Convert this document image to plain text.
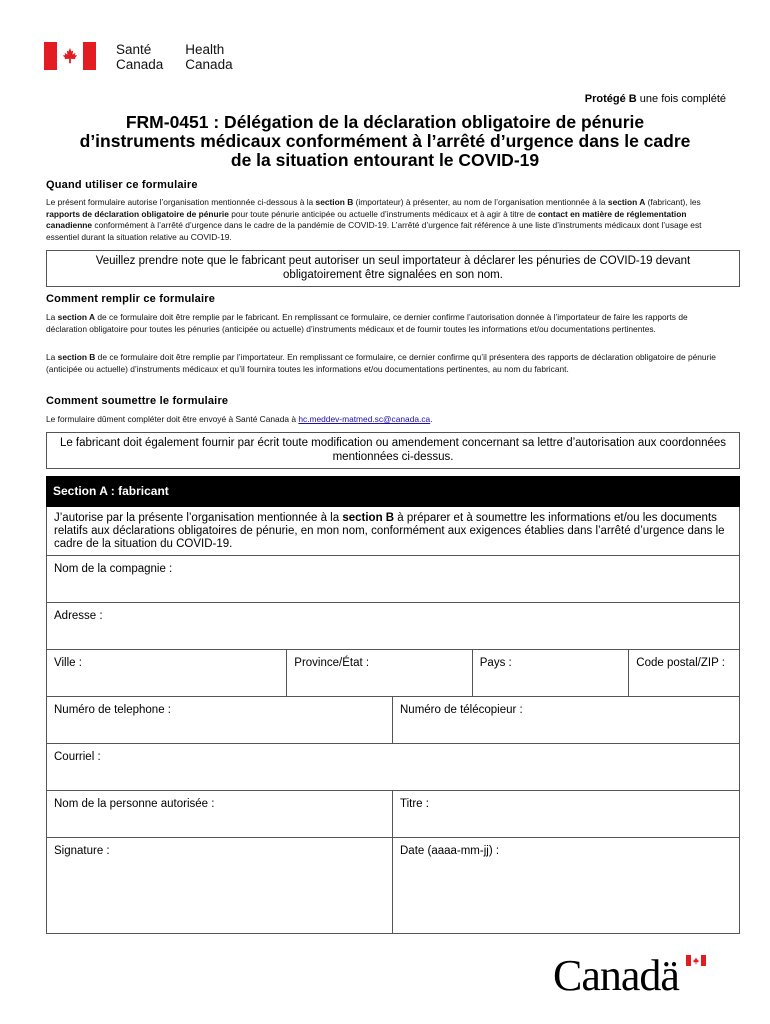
Santé
Canada
Health
Canada
Protégé B une fois complété
FRM-0451 : Délégation de la déclaration obligatoire de pénurie
d’instruments médicaux conformément à l’arrêté d’urgence dans le cadre
de la situation entourant le COVID-19
Quand utiliser ce formulaire
Le présent formulaire autorise l’organisation mentionnée ci-dessous à la section B (importateur) à présenter, au nom de l’organisation mentionnée à la section A (fabricant), les rapports de déclaration obligatoire de pénurie pour toute pénurie anticipée ou actuelle d’instruments médicaux et à agir à titre de contact en matière de réglementation canadienne conformément à l’arrêté d’urgence dans le cadre de la pandémie de COVID-19. L’arrêté d’urgence fait référence à une liste d’instruments médicaux dont l’usage est essentiel durant la situation relative au COVID-19.
Veuillez prendre note que le fabricant peut autoriser un seul importateur à déclarer les pénuries de COVID-19 devant obligatoirement être signalées en son nom.
Comment remplir ce formulaire
La section A de ce formulaire doit être remplie par le fabricant. En remplissant ce formulaire, ce dernier confirme l’autorisation donnée à l’importateur de faire les rapports de déclaration obligatoire pour toutes les pénuries (anticipée ou actuelle) d’instruments médicaux et de fournir toutes les informations et/ou documentations pertinentes.
La section B de ce formulaire doit être remplie par l’importateur. En remplissant ce formulaire, ce dernier confirme qu’il présentera des rapports de déclaration obligatoire de pénurie (anticipée ou actuelle) d’instruments médicaux et qu’il fournira toutes les informations et/ou documentations pertinentes, au nom du fabricant.
Comment soumettre le formulaire
Le formulaire dûment compléter doit être envoyé à Santé Canada à hc.meddev-matmed.sc@canada.ca.
Le fabricant doit également fournir par écrit toute modification ou amendement concernant sa lettre d’autorisation aux coordonnées mentionnées ci-dessus.
Section A : fabricant
J’autorise par la présente l’organisation mentionnée à la section B à préparer et à soumettre les informations et/ou les documents relatifs aux déclarations obligatoires de pénurie, en mon nom, conformément aux exigences établies dans l’arrêté d’urgence dans le cadre de la situation du COVID-19.
Nom de la compagnie :
Adresse :
Ville :	Province/État :	Pays :	Code postal/ZIP :
Numéro de telephone :	Numéro de télécopieur :
Courriel :
Nom de la personne autorisée :	Titre :
Signature :	Date (aaaa-mm-jj) :
Canadä
